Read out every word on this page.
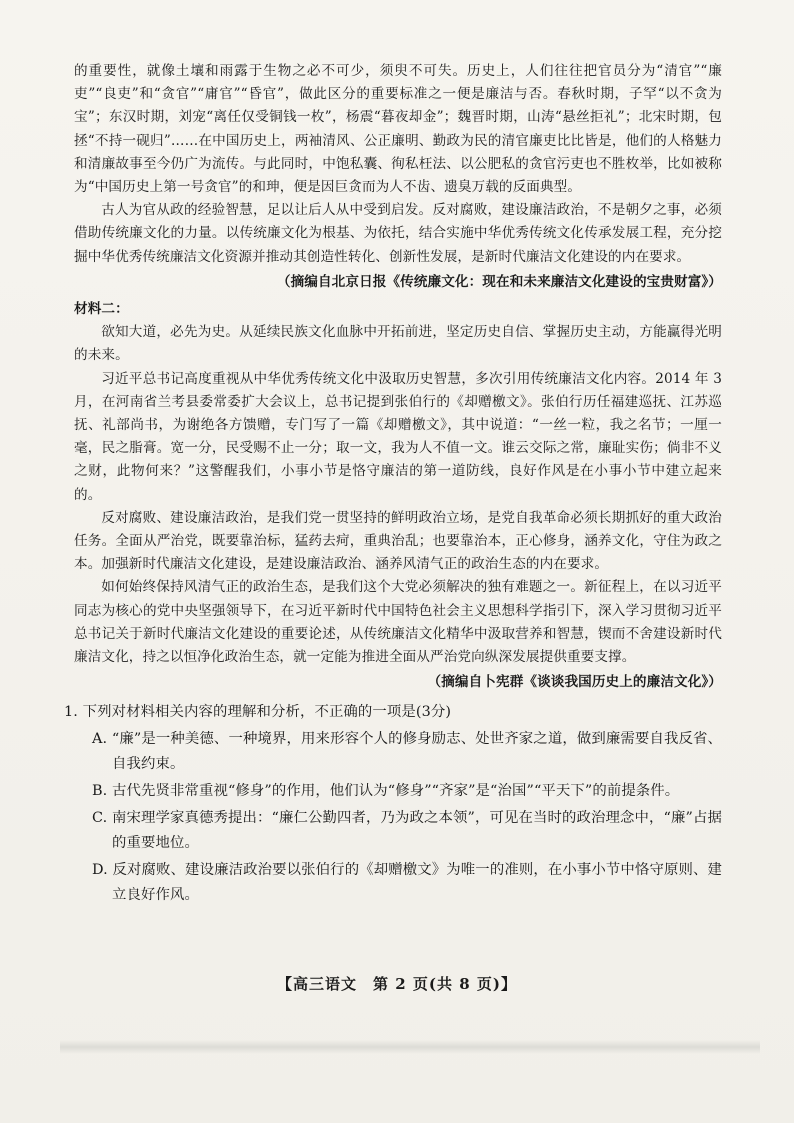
的重要性，就像土壤和雨露于生物之必不可少，须臾不可失。历史上，人们往往把官员分为“清官”“廉吏”“良吏”和“贪官”“庸官”“昏官”，做此区分的重要标准之一便是廉洁与否。春秋时期，子罕“以不贪为宝”；东汉时期，刘宠“离任仅受铜钱一枚”，杨震“暮夜却金”；魏晋时期，山涛“悬丝拒礼”；北宋时期，包拯“不持一砚归”……在中国历史上，两袖清风、公正廉明、勤政为民的清官廉吏比比皆是，他们的人格魅力和清廉故事至今仍广为流传。与此同时，中饱私囊、徇私枉法、以公肥私的贪官污吏也不胜枚举，比如被称为“中国历史上第一号贪官”的和珅，便是因巨贪而为人不齿、遗臭万载的反面典型。

古人为官从政的经验智慧，足以让后人从中受到启发。反对腐败，建设廉洁政治，不是朝夕之事，必须借助传统廉文化的力量。以传统廉文化为根基、为依托，结合实施中华优秀传统文化传承发展工程，充分挖掘中华优秀传统廉洁文化资源并推动其创造性转化、创新性发展，是新时代廉洁文化建设的内在要求。

（摘编自北京日报《传统廉文化：现在和未来廉洁文化建设的宝贵财富》）

材料二：

欲知大道，必先为史。从延续民族文化血脉中开拓前进，坚定历史自信、掌握历史主动，方能赢得光明的未来。

习近平总书记高度重视从中华优秀传统文化中汲取历史智慧，多次引用传统廉洁文化内容。2014 年 3 月，在河南省兰考县委常委扩大会议上，总书记提到张伯行的《却赠檄文》。张伯行历任福建巡抚、江苏巡抚、礼部尚书，为谢绝各方馈赠，专门写了一篇《却赠檄文》，其中说道：“一丝一粒，我之名节；一厘一毫，民之脂膏。宽一分，民受赐不止一分；取一文，我为人不值一文。谁云交际之常，廉耻实伤；倘非不义之财，此物何来？”这警醒我们，小事小节是恪守廉洁的第一道防线，良好作风是在小事小节中建立起来的。

反对腐败、建设廉洁政治，是我们党一贯坚持的鲜明政治立场，是党自我革命必须长期抓好的重大政治任务。全面从严治党，既要靠治标，猛药去疴，重典治乱；也要靠治本，正心修身，涵养文化，守住为政之本。加强新时代廉洁文化建设，是建设廉洁政治、涵养风清气正的政治生态的内在要求。

如何始终保持风清气正的政治生态，是我们这个大党必须解决的独有难题之一。新征程上，在以习近平同志为核心的党中央坚强领导下，在习近平新时代中国特色社会主义思想科学指引下，深入学习贯彻习近平总书记关于新时代廉洁文化建设的重要论述，从传统廉洁文化精华中汲取营养和智慧，锲而不舍建设新时代廉洁文化，持之以恒净化政治生态，就一定能为推进全面从严治党向纵深发展提供重要支撑。

（摘编自卜宪群《谈谈我国历史上的廉洁文化》）

1. 下列对材料相关内容的理解和分析，不正确的一项是(3分)

A. “廉”是一种美德、一种境界，用来形容个人的修身励志、处世齐家之道，做到廉需要自我反省、自我约束。

B. 古代先贤非常重视“修身”的作用，他们认为“修身”“齐家”是“治国”“平天下”的前提条件。

C. 南宋理学家真德秀提出：“廉仁公勤四者，乃为政之本领”，可见在当时的政治理念中，“廉”占据的重要地位。

D. 反对腐败、建设廉洁政治要以张伯行的《却赠檄文》为唯一的准则，在小事小节中恪守原则、建立良好作风。

【高三语文　第 2 页(共 8 页)】
